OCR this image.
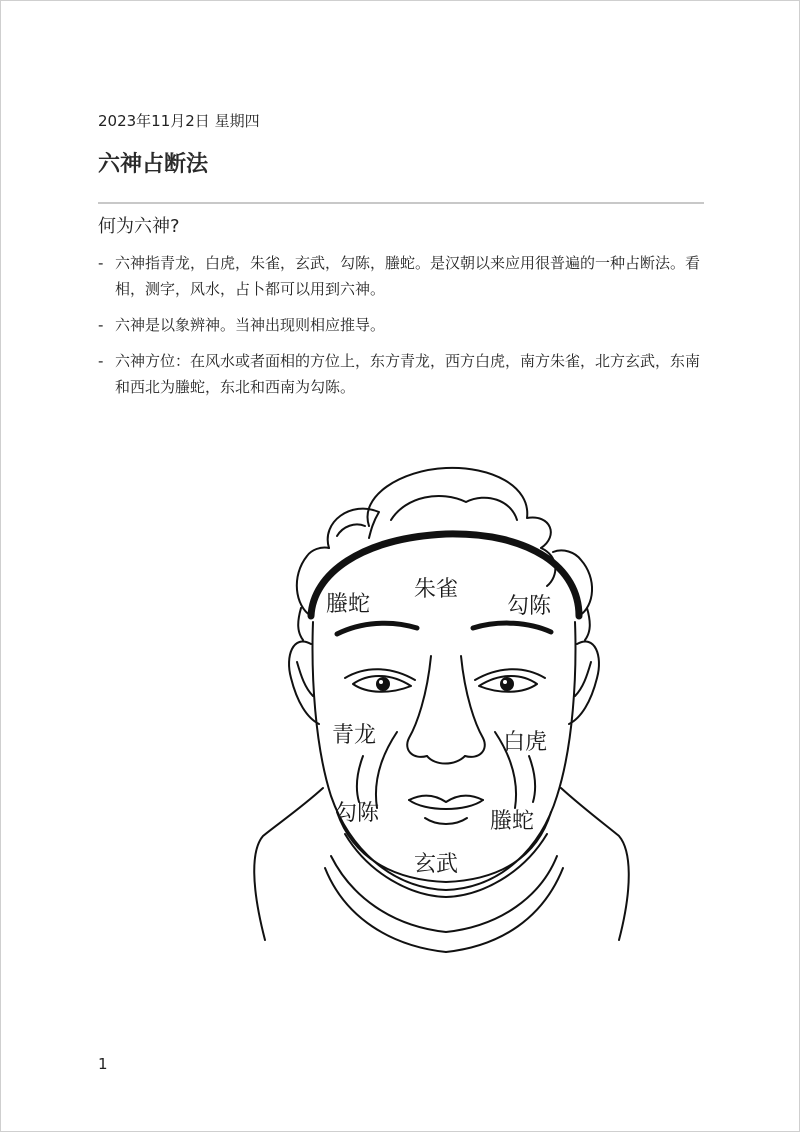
2023年11月2日 星期四
六神占断法
何为六神?
- 六神指青龙，白虎，朱雀，玄武，勾陈，螣蛇。是汉朝以来应用很普遍的一种占断法。看相，测字，风水，占卜都可以用到六神。
- 六神是以象辨神。当神出现则相应推导。
- 六神方位：在风水或者面相的方位上，东方青龙，西方白虎，南方朱雀，北方玄武，东南和西北为螣蛇，东北和西南为勾陈。
螣蛇
朱雀
勾陈
青龙	白虎
勾陈	螣蛇
玄武
1
